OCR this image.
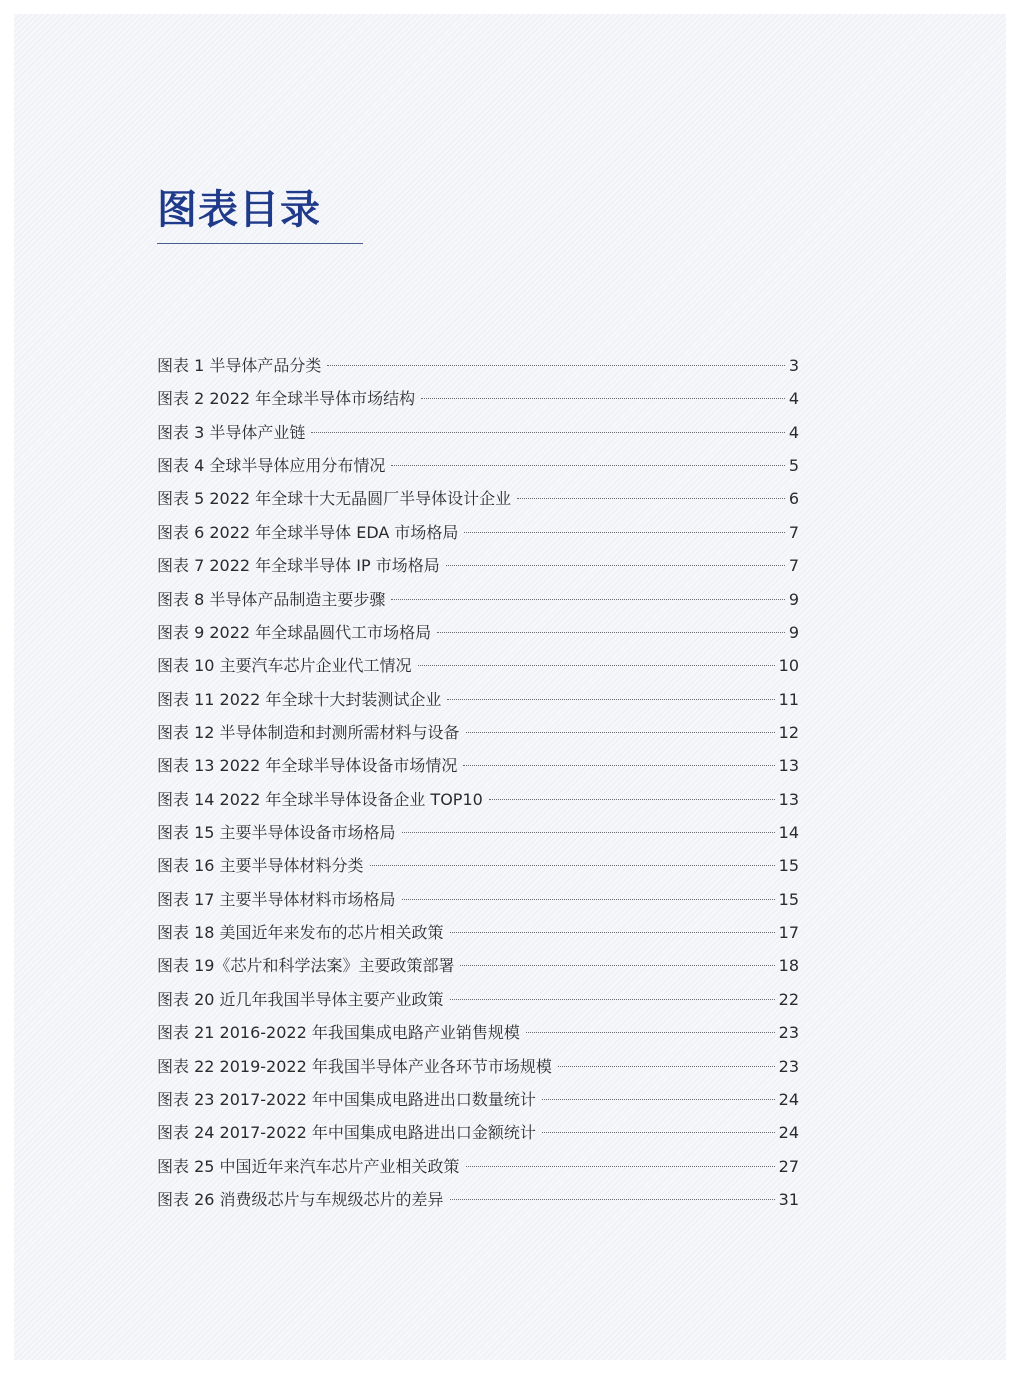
图表目录
图表 1 半导体产品分类	3
图表 2 2022 年全球半导体市场结构	4
图表 3 半导体产业链	4
图表 4 全球半导体应用分布情况	5
图表 5 2022 年全球十大无晶圆厂半导体设计企业	6
图表 6 2022 年全球半导体 EDA 市场格局	7
图表 7 2022 年全球半导体 IP 市场格局	7
图表 8 半导体产品制造主要步骤	9
图表 9 2022 年全球晶圆代工市场格局	9
图表 10 主要汽车芯片企业代工情况	10
图表 11 2022 年全球十大封装测试企业	11
图表 12 半导体制造和封测所需材料与设备	12
图表 13 2022 年全球半导体设备市场情况	13
图表 14 2022 年全球半导体设备企业 TOP10	13
图表 15 主要半导体设备市场格局	14
图表 16 主要半导体材料分类	15
图表 17 主要半导体材料市场格局	15
图表 18 美国近年来发布的芯片相关政策	17
图表 19《芯片和科学法案》主要政策部署	18
图表 20 近几年我国半导体主要产业政策	22
图表 21 2016-2022 年我国集成电路产业销售规模	23
图表 22 2019-2022 年我国半导体产业各环节市场规模	23
图表 23 2017-2022 年中国集成电路进出口数量统计	24
图表 24 2017-2022 年中国集成电路进出口金额统计	24
图表 25 中国近年来汽车芯片产业相关政策	27
图表 26 消费级芯片与车规级芯片的差异	31
